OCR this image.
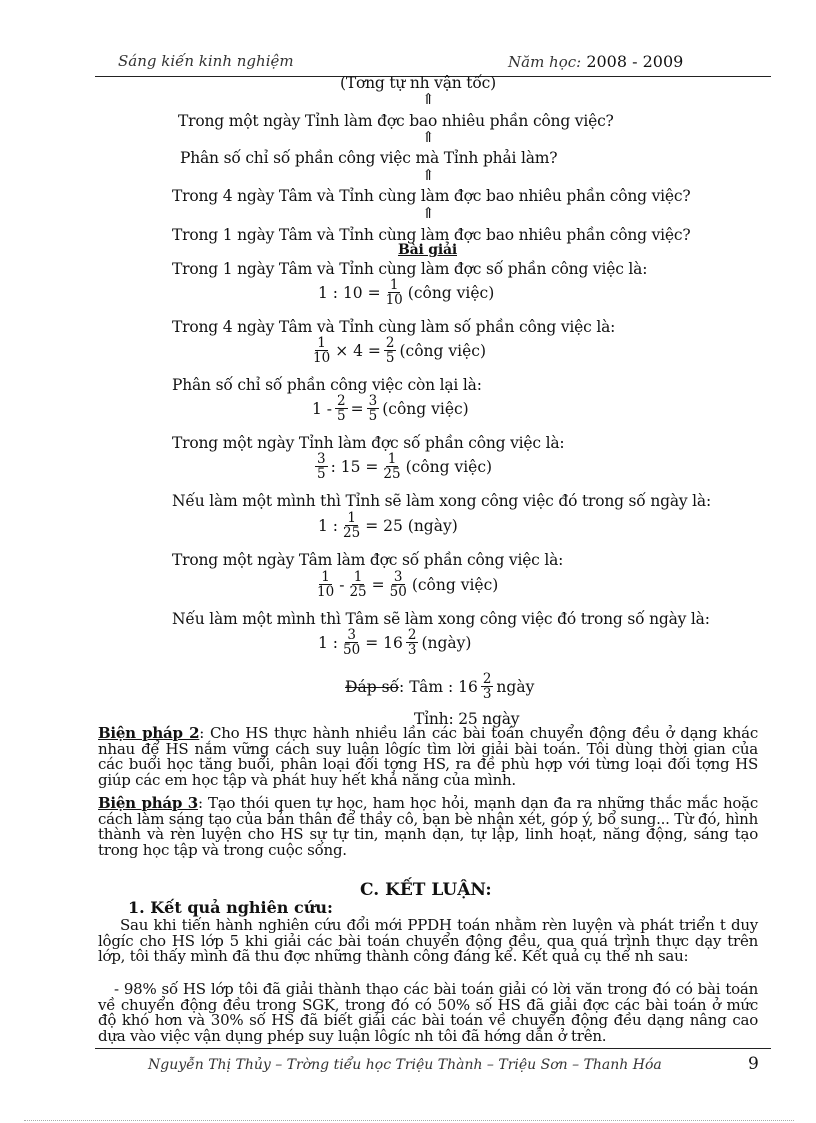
Sáng kiến kinh nghiệm	Năm học: 2008 - 2009
(Tơng tự nh vận tốc)
⇑
Trong một ngày Tỉnh làm đợc bao nhiêu phần công việc?
⇑
Phân số chỉ số phần công việc mà Tỉnh phải làm?
⇑
Trong 4 ngày Tâm và Tỉnh cùng làm đợc bao nhiêu phần công việc?
⇑
Trong 1 ngày Tâm và Tỉnh cùng làm đợc bao nhiêu phần công việc?
Bài giải
Trong 1 ngày Tâm và Tỉnh cùng làm đợc số phần công việc là:
1 : $10 = \frac{1}{10}$ (công việc)
Trong 4 ngày Tâm và Tỉnh cùng làm số phần công việc là:
$\frac{1}{10} \times 4 = \frac{2}{5}$ (công việc)
Phân số chỉ số phần công việc còn lại là:
$1 - \frac{2}{5} = \frac{3}{5}$ (công việc)
Trong một ngày Tỉnh làm đợc số phần công việc là:
$\frac{3}{5}$ : $15 = \frac{1}{25}$ (công việc)
Nếu làm một mình thì Tỉnh sẽ làm xong công việc đó trong số ngày là:
1 : $\frac{1}{25} = 25$ (ngày)
Trong một ngày Tâm làm đợc số phần công việc là:
$\frac{1}{10} - \frac{1}{25} = \frac{3}{50}$ (công việc)
Nếu làm một mình thì Tâm sẽ làm xong công việc đó trong số ngày là:
1 : $\frac{3}{50} = 16 \frac{2}{3}$ (ngày)
Đáp số : Tâm : $16 \frac{2}{3}$ ngày
Tỉnh: 25 ngày
Biện pháp 2: Cho HS thực hành nhiều lần các bài toán chuyển động đều ở dạng khác nhau để HS nắm vững cách suy luận lôgíc tìm lời giải bài toán. Tôi dùng thời gian của các buổi học tăng buổi, phân loại đối tợng HS, ra đề phù hợp với từng loại đối tợng HS giúp các em học tập và phát huy hết khả năng của mình.
Biện pháp 3: Tạo thói quen tự học, ham học hỏi, mạnh dạn đa ra những thắc mắc hoặc cách làm sáng tạo của bản thân để thầy cô, bạn bè nhận xét, góp ý, bổ sung... Từ đó, hình thành và rèn luyện cho HS sự tự tin, mạnh dạn, tự lập, linh hoạt, năng động, sáng tạo trong học tập và trong cuộc sống.
C. KẾT LUẬN:
1. Kết quả nghiên cứu:
Sau khi tiến hành nghiên cứu đổi mới PPDH toán nhằm rèn luyện và phát triển t duy lôgíc cho HS lớp 5 khi giải các bài toán chuyển động đều, qua quá trình thực dạy trên lớp, tôi thấy mình đã thu đợc những thành công đáng kể. Kết quả cụ thể nh sau:
- 98% số HS lớp tôi đã giải thành thạo các bài toán giải có lời văn trong đó có bài toán về chuyển động đều trong SGK, trong đó có 50% số HS đã giải đợc các bài toán ở mức độ khó hơn và 30% số HS đã biết giải các bài toán về chuyển động đều dạng nâng cao dựa vào việc vận dụng phép suy luận lôgíc nh tôi đã hớng dẫn ở trên.
Nguyễn Thị Thủy – Trờng tiểu học Triệu Thành – Triệu Sơn – Thanh Hóa	9
